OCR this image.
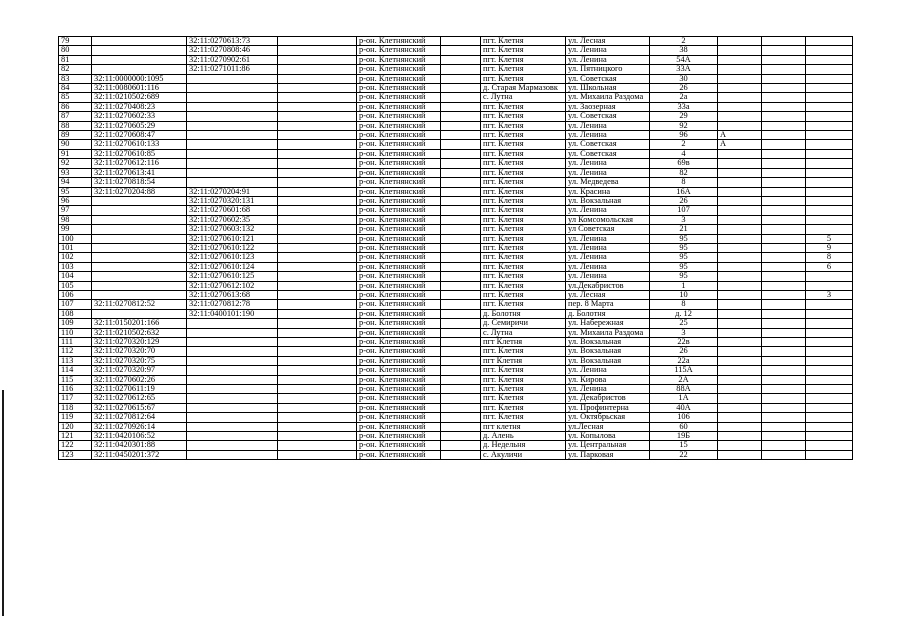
79		32:11:0270613:73		р-он. Клетнянский		пгт. Клетня	ул. Лесная	2			
80		32:11:0270808:46		р-он. Клетнянский		пгт. Клетня	ул. Ленина	38			
81		32:11:0270902:61		р-он. Клетнянский		пгт. Клетня	ул. Ленина	54А			
82		32:11:0271011:86		р-он. Клетнянский		пгт. Клетня	ул. Пятницкого	33А			
83	32:11:0000000:1095			р-он. Клетнянский		пгт. Клетня	ул. Советская	30			
84	32:11:0080601:116			р-он. Клетнянский		д. Старая Мармазовк	ул. Школьная	26			
85	32:11:0210502:689			р-он. Клетнянский		с. Лутна	ул. Михаила Раздома	2а			
86	32:11:0270408:23			р-он. Клетнянский		пгт. Клетня	ул. Заозерная	33а			
87	32:11:0270602:33			р-он. Клетнянский		пгт. Клетня	ул. Советская	29			
88	32:11:0270605:29			р-он. Клетнянский		пгт. Клетня	ул. Ленина	92			
89	32:11:0270608:47			р-он. Клетнянский		пгт. Клетня	ул. Ленина	96	А		
90	32:11:0270610:133			р-он. Клетнянский		пгт. Клетня	ул. Советская	2	А		
91	32:11:0270610:85			р-он. Клетнянский		пгт. Клетня	ул. Советская	4			
92	32:11:0270612:116			р-он. Клетнянский		пгт. Клетня	ул. Ленина	69в			
93	32:11:0270613:41			р-он. Клетнянский		пгт. Клетня	ул. Ленина	82			
94	32:11:0270818:54			р-он. Клетнянский		пгт. Клетня	ул. Медведева	8			
95	32:11:0270204:88	32:11:0270204:91		р-он. Клетнянский		пгт. Клетня	ул. Красина	16А			
96		32:11:0270320:131		р-он. Клетнянский		пгт. Клетня	ул. Вокзальная	26			
97		32:11:0270601:68		р-он. Клетнянский		пгт. Клетня	ул. Ленина	107			
98		32:11:0270602:35		р-он. Клетнянский		пгт. Клетня	ул Комсомольская	3			
99		32:11:0270603:132		р-он. Клетнянский		пгт. Клетня	ул Советская	21			
100		32:11:0270610:121		р-он. Клетнянский		пгт. Клетня	ул. Ленина	95			5
101		32:11:0270610:122		р-он. Клетнянский		пгт. Клетня	ул. Ленина	95			9
102		32:11:0270610:123		р-он. Клетнянский		пгт. Клетня	ул. Ленина	95			8
103		32:11:0270610:124		р-он. Клетнянский		пгт. Клетня	ул. Ленина	95			6
104		32:11:0270610:125		р-он. Клетнянский		пгт. Клетня	ул. Ленина	95			
105		32:11:0270612:102		р-он. Клетнянский		пгт. Клетня	ул.Декабристов	1			
106		32:11:0270613:68		р-он. Клетнянский		пгт. Клетня	ул. Лесная	10			3
107	32:11:0270812:52	32:11:0270812:78		р-он. Клетнянский		пгт. Клетня	пер. 8 Марта	8			
108		32:11:0400101:190		р-он. Клетнянский		д. Болотня	д. Болотня	д. 12			
109	32:11:0150201:166			р-он. Клетнянский		д. Семиричи	ул. Набережная	25			
110	32:11:0210502:632			р-он. Клетнянский		с. Лутна	ул. Михаила Раздома	3			
111	32:11:0270320:129			р-он. Клетнянский		пгт Клетня	ул. Вокзальная	22в			
112	32:11:0270320:70			р-он. Клетнянский		пгт. Клетня	ул. Вокзальная	26			
113	32:11:0270320:75			р-он. Клетнянский		пгт Клетня	ул. Вокзальная	22а			
114	32:11:0270320:97			р-он. Клетнянский		пгт. Клетня	ул. Ленина	115А			
115	32:11:0270602:26			р-он. Клетнянский		пгт. Клетня	ул. Кирова	2А			
116	32:11:0270611:19			р-он. Клетнянский		пгт. Клетня	ул. Ленина	88А			
117	32:11:0270612:65			р-он. Клетнянский		пгт. Клетня	ул. Декабристов	1А			
118	32:11:0270615:67			р-он. Клетнянский		пгт. Клетня	ул. Профинтерна	40А			
119	32:11:0270812:64			р-он. Клетнянский		пгт. Клетня	ул. Октябрьская	106			
120	32:11:0270926:14			р-он. Клетнянский		пгт клетня	ул.Лесная	60			
121	32:11:0420106:52			р-он. Клетнянский		д. Алень	ул. Копылова	19Б			
122	32:11:0420301:88			р-он. Клетнянский		д. Недельня	ул. Центральная	15			
123	32:11:0450201:372			р-он. Клетнянский		с. Акуличи	ул. Парковая	22			
